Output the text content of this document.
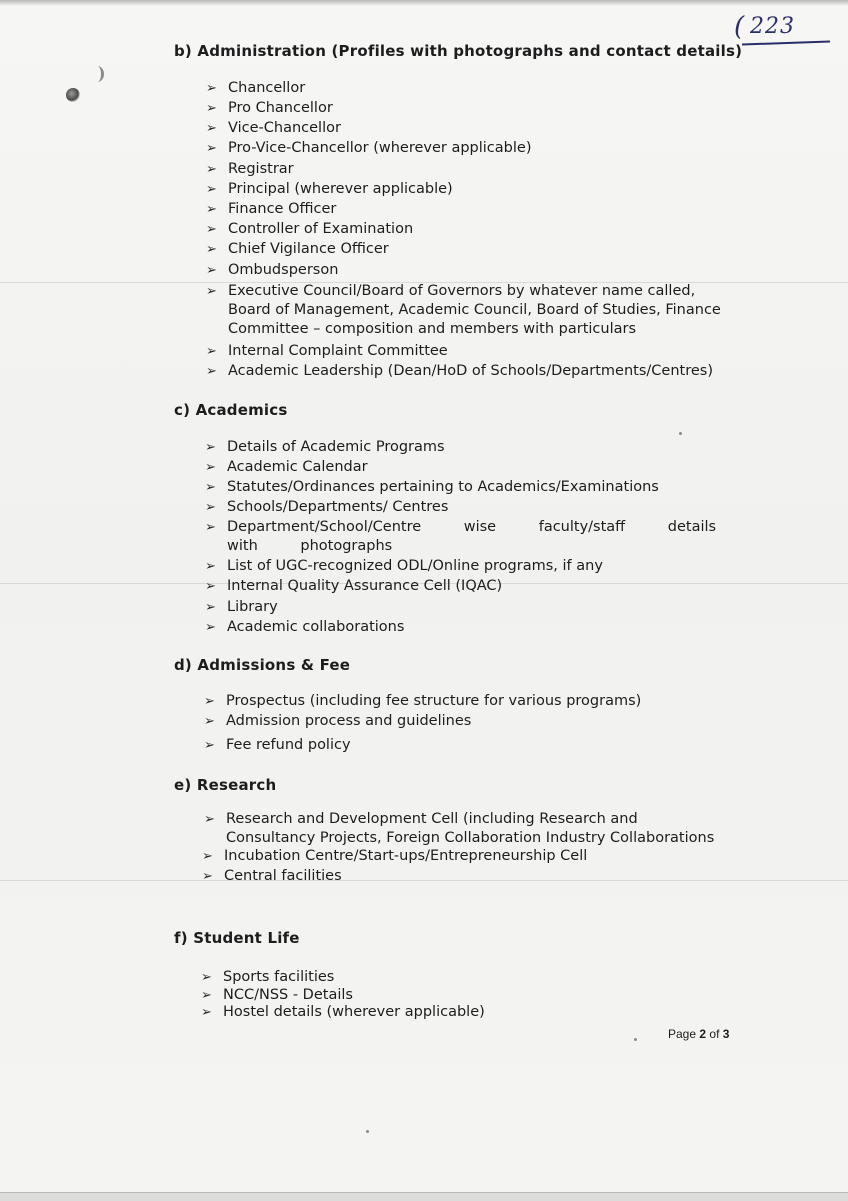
( 223
b) Administration (Profiles with photographs and contact details)
➢ Chancellor
➢ Pro Chancellor
➢ Vice-Chancellor
➢ Pro-Vice-Chancellor (wherever applicable)
➢ Registrar
➢ Principal (wherever applicable)
➢ Finance Officer
➢ Controller of Examination
➢ Chief Vigilance Officer
➢ Ombudsperson
➢ Executive Council/Board of Governors by whatever name called, Board of Management, Academic Council, Board of Studies, Finance Committee – composition and members with particulars
➢ Internal Complaint Committee
➢ Academic Leadership (Dean/HoD of Schools/Departments/Centres)
c) Academics
➢ Details of Academic Programs
➢ Academic Calendar
➢ Statutes/Ordinances pertaining to Academics/Examinations
➢ Schools/Departments/ Centres
➢ Department/School/Centre wise faculty/staff details with photographs
➢ List of UGC-recognized ODL/Online programs, if any
➢ Internal Quality Assurance Cell (IQAC)
➢ Library
➢ Academic collaborations
d) Admissions & Fee
➢ Prospectus (including fee structure for various programs)
➢ Admission process and guidelines
➢ Fee refund policy
e) Research
➢ Research and Development Cell (including Research and Consultancy Projects, Foreign Collaboration Industry Collaborations
➢ Incubation Centre/Start-ups/Entrepreneurship Cell
➢ Central facilities
f) Student Life
➢ Sports facilities
➢ NCC/NSS - Details
➢ Hostel details (wherever applicable)
Page 2 of 3
